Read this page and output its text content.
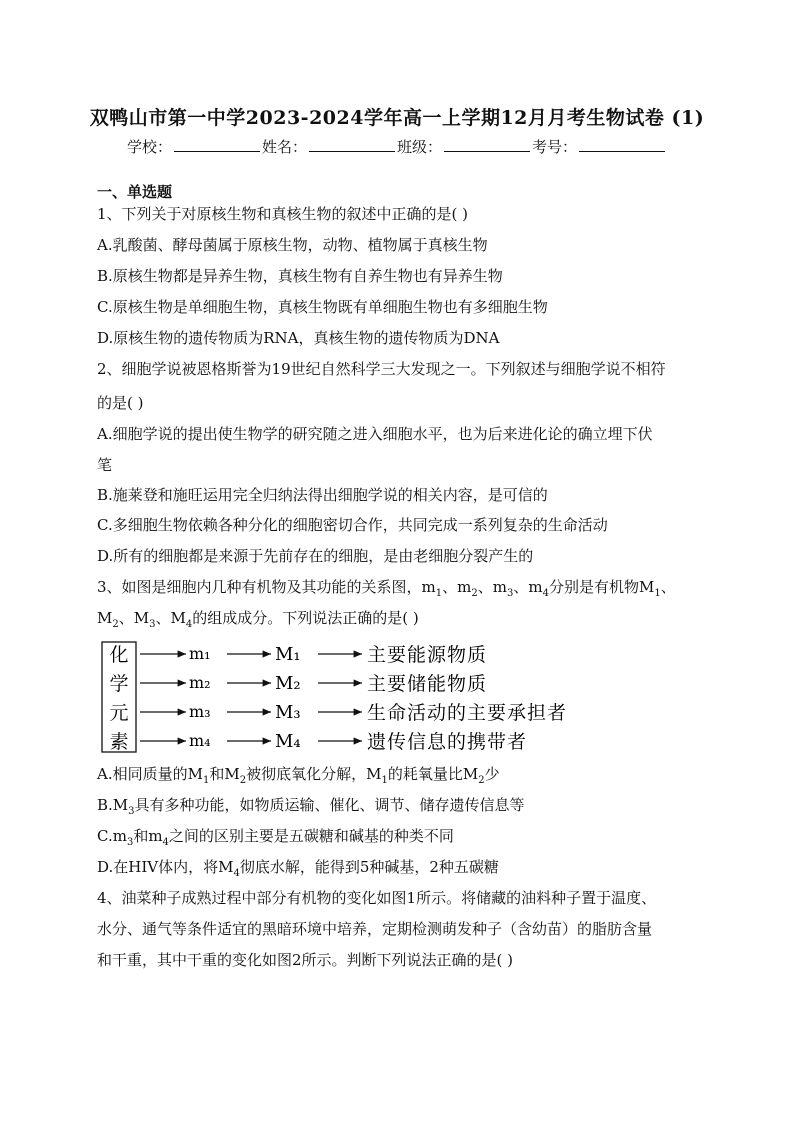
双鸭山市第一中学2023-2024学年高一上学期12月月考生物试卷 (1)
学校：	姓名：	班级：	考号：
一、单选题
1、下列关于对原核生物和真核生物的叙述中正确的是( )
A.乳酸菌、酵母菌属于原核生物，动物、植物属于真核生物
B.原核生物都是异养生物，真核生物有自养生物也有异养生物
C.原核生物是单细胞生物，真核生物既有单细胞生物也有多细胞生物
D.原核生物的遗传物质为RNA，真核生物的遗传物质为DNA
2、细胞学说被恩格斯誉为19世纪自然科学三大发现之一。下列叙述与细胞学说不相符
的是( )
A.细胞学说的提出使生物学的研究随之进入细胞水平，也为后来进化论的确立埋下伏
笔
B.施莱登和施旺运用完全归纳法得出细胞学说的相关内容，是可信的
C.多细胞生物依赖各种分化的细胞密切合作，共同完成一系列复杂的生命活动
D.所有的细胞都是来源于先前存在的细胞，是由老细胞分裂产生的
3、如图是细胞内几种有机物及其功能的关系图，$m_1$、$m_2$、$m_3$、$m_4$分别是有机物$M_1$、
$M_2$、$M_3$、$M_4$的组成成分。下列说法正确的是( )
化	m₁	M₁	主要能源物质
学	m₂	M₂	主要储能物质
元	m₃	M₃	生命活动的主要承担者
素	m₄	M₄	遗传信息的携带者
A.相同质量的$M_1$和$M_2$被彻底氧化分解，$M_1$的耗氧量比$M_2$少
$B.M_3$具有多种功能，如物质运输、催化、调节、储存遗传信息等
$C.m_3$和$m_4$之间的区别主要是五碳糖和碱基的种类不同
D.在HIV体内，将$M_4$彻底水解，能得到5种碱基，2种五碳糖
4、油菜种子成熟过程中部分有机物的变化如图1所示。将储藏的油料种子置于温度、
水分、通气等条件适宜的黑暗环境中培养，定期检测萌发种子（含幼苗）的脂肪含量
和干重，其中干重的变化如图2所示。判断下列说法正确的是( )
